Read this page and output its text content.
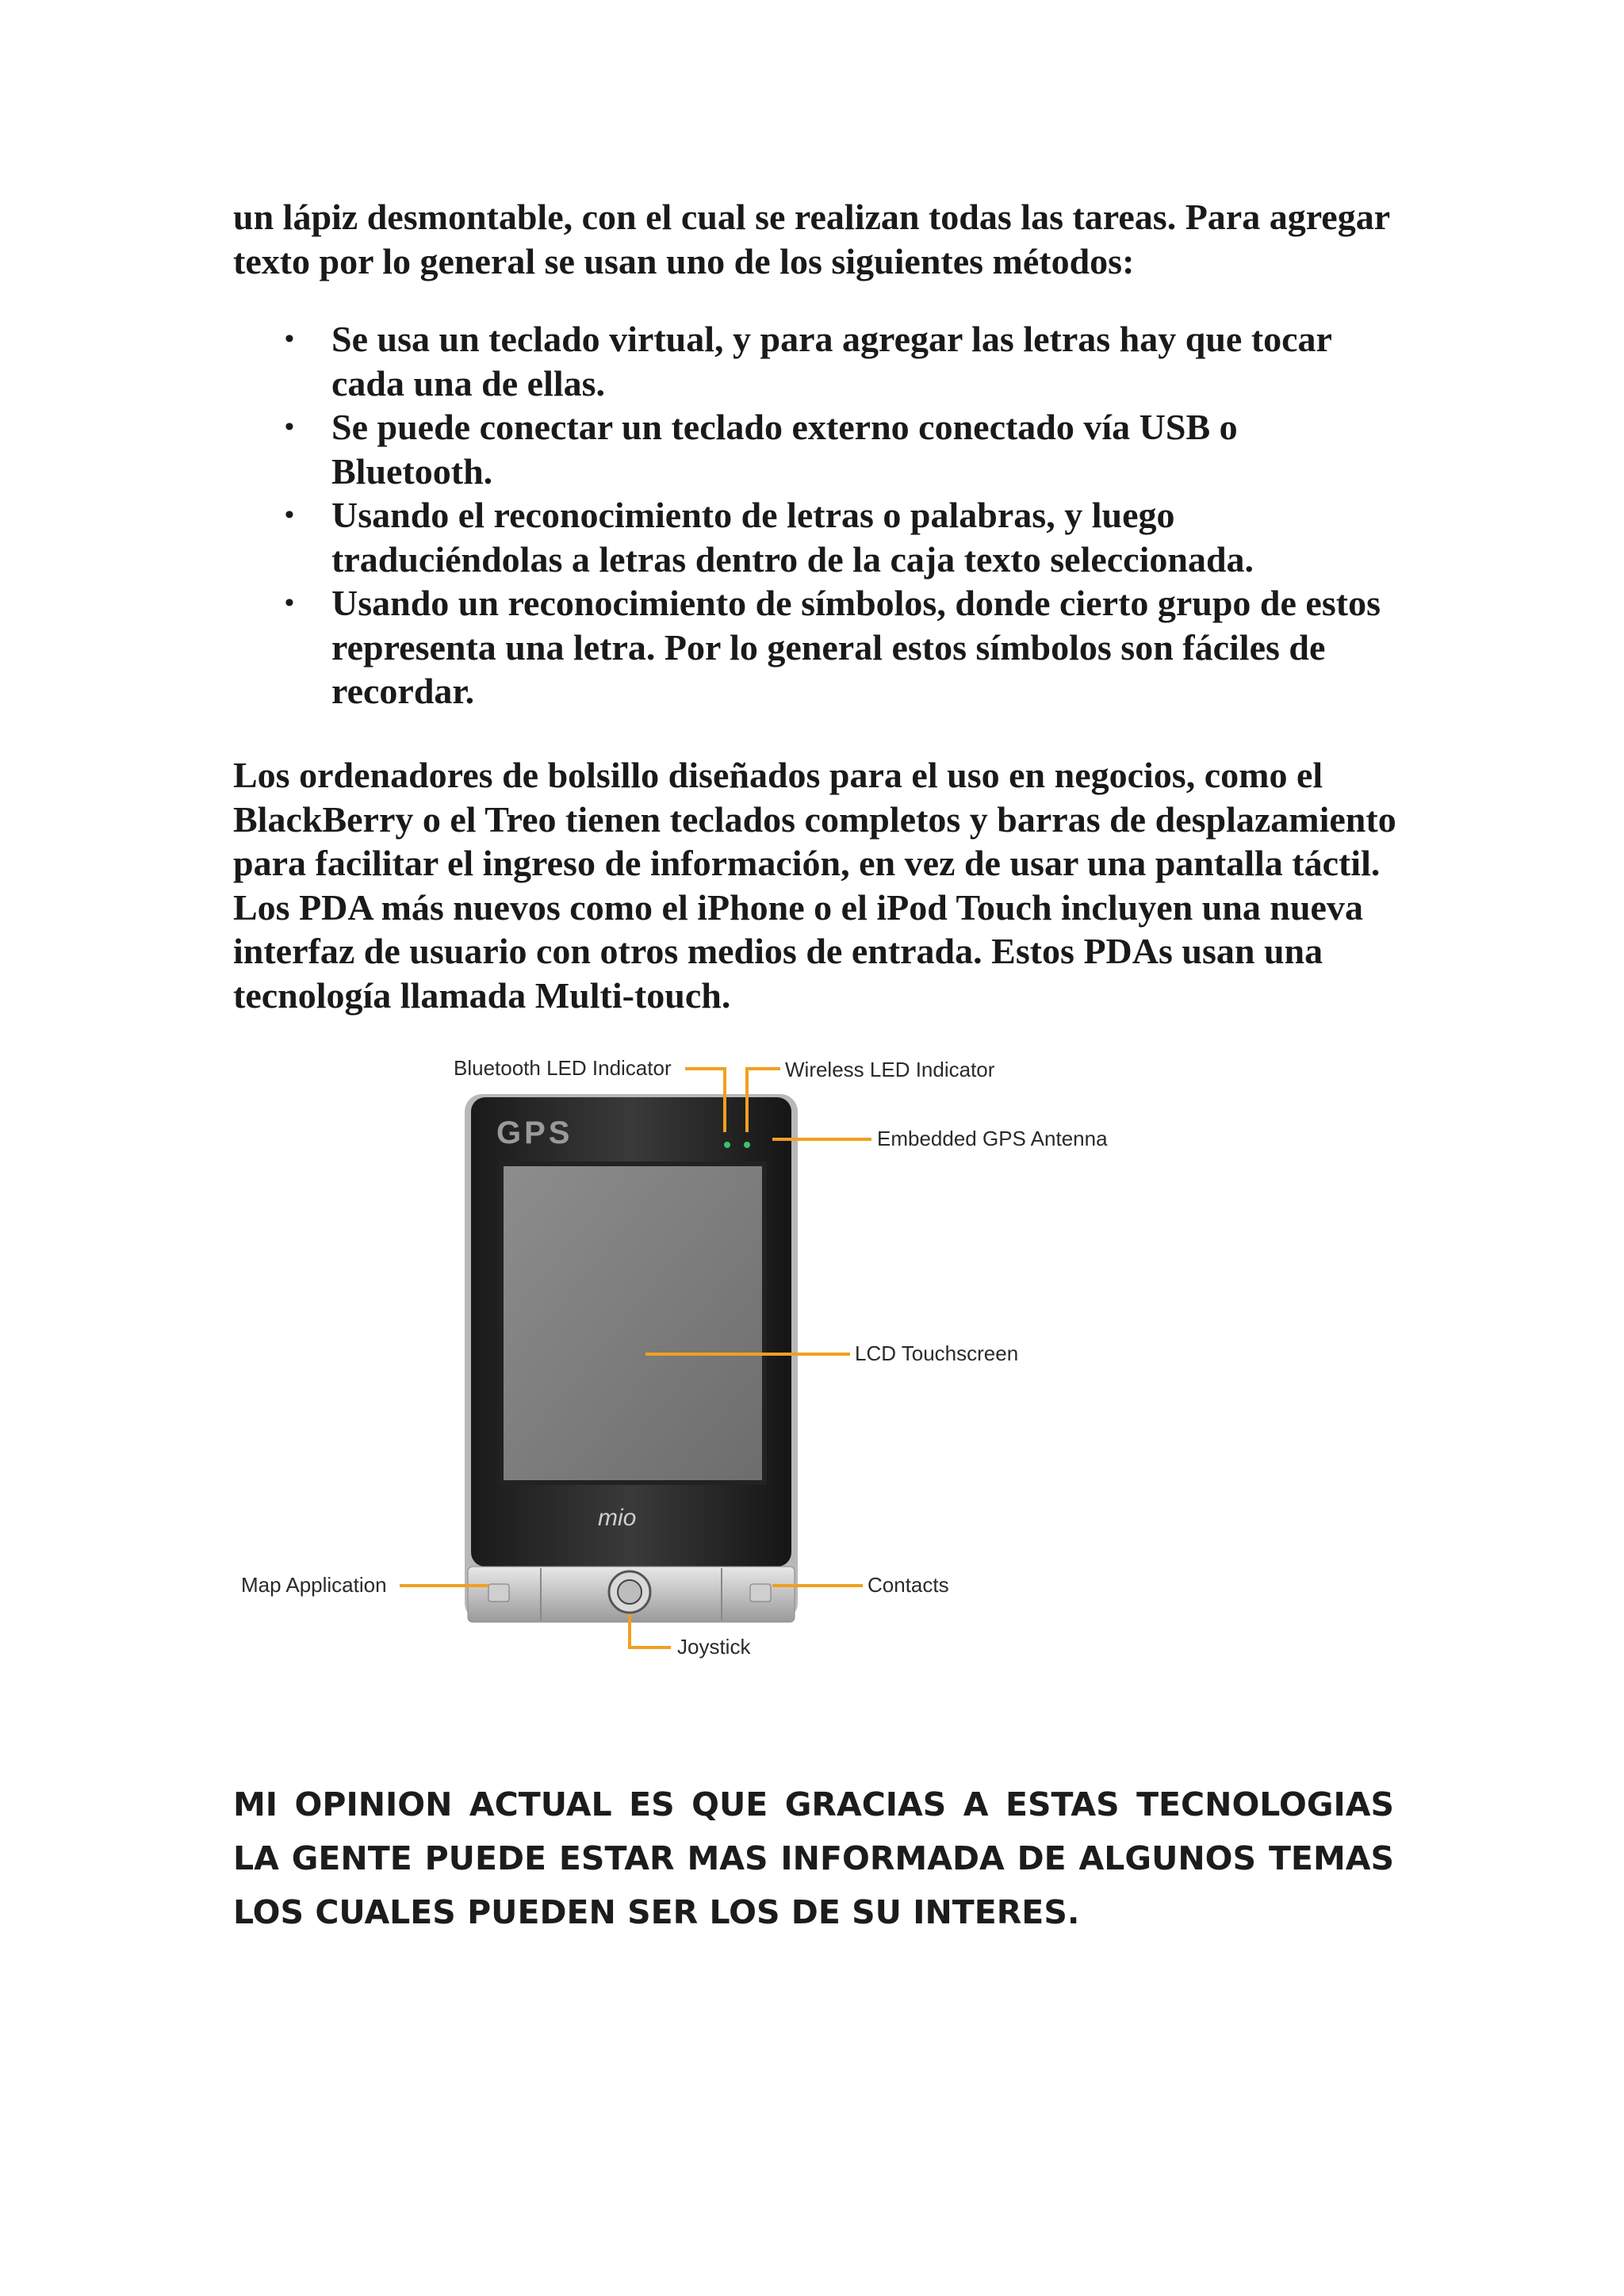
un lápiz desmontable, con el cual se realizan todas las tareas. Para agregar texto por lo general se usan uno de los siguientes métodos:

• Se usa un teclado virtual, y para agregar las letras hay que tocar cada una de ellas.
• Se puede conectar un teclado externo conectado vía USB o Bluetooth.
• Usando el reconocimiento de letras o palabras, y luego traduciéndolas a letras dentro de la caja texto seleccionada.
• Usando un reconocimiento de símbolos, donde cierto grupo de estos representa una letra. Por lo general estos símbolos son fáciles de recordar.

Los ordenadores de bolsillo diseñados para el uso en negocios, como el BlackBerry o el Treo tienen teclados completos y barras de desplazamiento para facilitar el ingreso de información, en vez de usar una pantalla táctil. Los PDA más nuevos como el iPhone o el iPod Touch incluyen una nueva interfaz de usuario con otros medios de entrada. Estos PDAs usan una tecnología llamada Multi-touch.

GPS
mio
Bluetooth LED Indicator	Wireless LED Indicator
Embedded GPS Antenna
LCD Touchscreen
Map Application	Contacts
Joystick

MI OPINION ACTUAL ES QUE GRACIAS A ESTAS TECNOLOGIAS LA GENTE PUEDE ESTAR MAS INFORMADA DE ALGUNOS TEMAS LOS CUALES PUEDEN SER LOS DE SU INTERES.
